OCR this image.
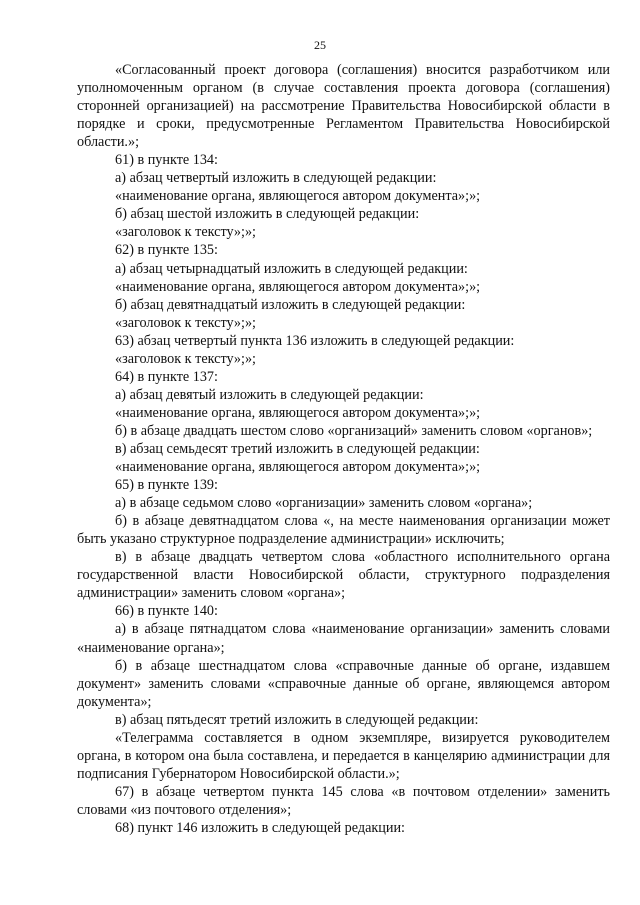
25

«Согласованный проект договора (соглашения) вносится разработчиком или уполномоченным органом (в случае составления проекта договора (соглашения) сторонней организацией) на рассмотрение Правительства Новосибирской области в порядке и сроки, предусмотренные Регламентом Правительства Новосибирской области.»;

61) в пункте 134:

а) абзац четвертый изложить в следующей редакции:

«наименование органа, являющегося автором документа»;»;

б) абзац шестой изложить в следующей редакции:

«заголовок к тексту»;»;

62) в пункте 135:

а) абзац четырнадцатый изложить в следующей редакции:

«наименование органа, являющегося автором документа»;»;

б) абзац девятнадцатый изложить в следующей редакции:

«заголовок к тексту»;»;

63) абзац четвертый пункта 136 изложить в следующей редакции:

«заголовок к тексту»;»;

64) в пункте 137:

а) абзац девятый изложить в следующей редакции:

«наименование органа, являющегося автором документа»;»;

б) в абзаце двадцать шестом слово «организаций» заменить словом «органов»;

в) абзац семьдесят третий изложить в следующей редакции:

«наименование органа, являющегося автором документа»;»;

65) в пункте 139:

а) в абзаце седьмом слово «организации» заменить словом «органа»;

б) в абзаце девятнадцатом слова «, на месте наименования организации может быть указано структурное подразделение администрации» исключить;

в) в абзаце двадцать четвертом слова «областного исполнительного органа государственной власти Новосибирской области, структурного подразделения администрации» заменить словом «органа»;

66) в пункте 140:

а) в абзаце пятнадцатом слова «наименование организации» заменить словами «наименование органа»;

б) в абзаце шестнадцатом слова «справочные данные об органе, издавшем документ» заменить словами «справочные данные об органе, являющемся автором документа»;

в) абзац пятьдесят третий изложить в следующей редакции:

«Телеграмма составляется в одном экземпляре, визируется руководителем органа, в котором она была составлена, и передается в канцелярию администрации для подписания Губернатором Новосибирской области.»;

67) в абзаце четвертом пункта 145 слова «в почтовом отделении» заменить словами «из почтового отделения»;

68) пункт 146 изложить в следующей редакции:
